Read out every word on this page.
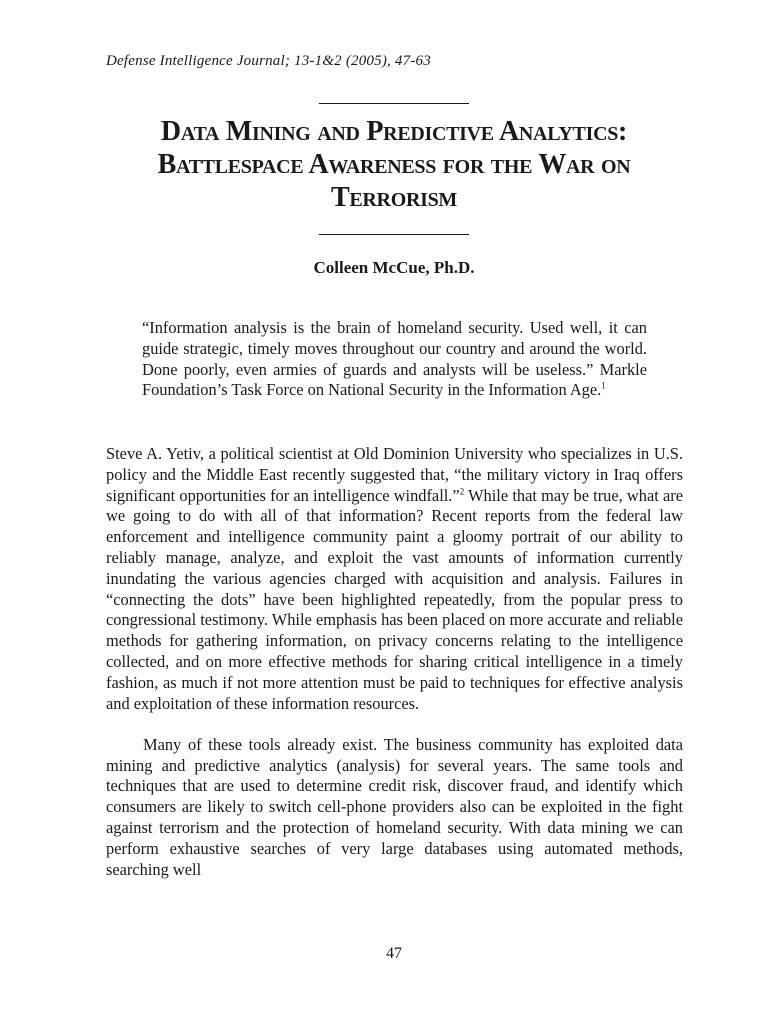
Defense Intelligence Journal; 13-1&2 (2005), 47-63
Data Mining and Predictive Analytics:
Battlespace Awareness for the War on
Terrorism
Colleen McCue, Ph.D.

“Information analysis is the brain of homeland security. Used well, it can guide strategic, timely moves throughout our country and around the world. Done poorly, even armies of guards and analysts will be useless.” Markle Foundation’s Task Force on National Security in the Information Age.$^1$

Steve A. Yetiv, a political scientist at Old Dominion University who specializes in U.S. policy and the Middle East recently suggested that, “the military victory in Iraq offers significant opportunities for an intelligence windfall.”$^2$ While that may be true, what are we going to do with all of that information? Recent reports from the federal law enforcement and intelligence community paint a gloomy portrait of our ability to reliably manage, analyze, and exploit the vast amounts of information currently inundating the various agencies charged with acquisition and analysis. Failures in “connecting the dots” have been highlighted repeatedly, from the popular press to congressional testimony. While emphasis has been placed on more accurate and reliable methods for gathering information, on privacy concerns relating to the intelligence collected, and on more effective methods for sharing critical intelligence in a timely fashion, as much if not more attention must be paid to techniques for effective analysis and exploitation of these information resources.

Many of these tools already exist. The business community has exploited data mining and predictive analytics (analysis) for several years. The same tools and techniques that are used to determine credit risk, discover fraud, and identify which consumers are likely to switch cell-phone providers also can be exploited in the fight against terrorism and the protection of homeland security. With data mining we can perform exhaustive searches of very large databases using automated methods, searching well

47
